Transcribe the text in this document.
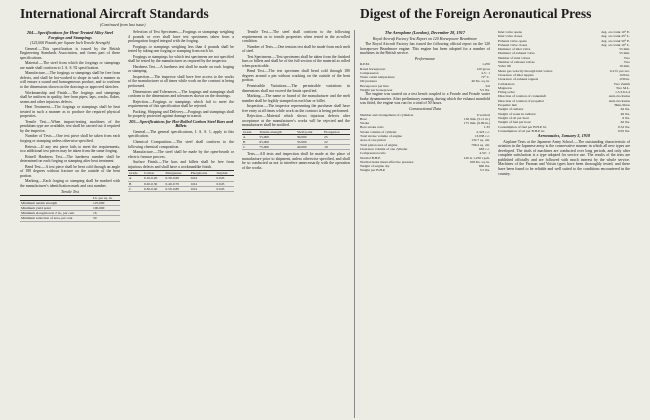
International Aircraft Standards	Digest of the Foreign Aeronautical Press
(Continued from last issue)
204—Specifications for Heat-Treated Alloy Steel Forgings and Stampings

(125,000 Pounds per Square Inch Tensile Strength)

General.—This specification is issued by the British Engineering Standards Association, and forms part of these specifications.

Material.—The steel from which the forgings or stampings are made shall conform to I. A. S. 92 specification.

Manufacture.—The forgings or stampings shall be free from defects, and shall be hot-worked to shape in such a manner as will ensure a sound and homogeneous product, and to conform to the dimensions shown on the drawings or approved sketches.

Workmanship and Finish.—The forgings and stampings shall be uniform in quality, free from pipes, laps, cracks, flakes, seams and other injurious defects.

Heat Treatment.—The forgings or stampings shall be heat treated in such a manner as to produce the required physical properties.

Tensile Test.—When impact-testing machines of the pendulum type are available, test shall be carried out if required by the inspector.

Number of Tests.—One test piece shall be taken from each forging or stamping unless otherwise specified.

Retests.—If any test piece fails to meet the requirements, two additional test pieces may be taken from the same forging.

Brinell Hardness Test.—The hardness number shall be determined on each forging or stamping after heat treatment.

Bend Test.—A test piece shall be bent cold through an angle of 180 degrees without fracture on the outside of the bent portion.

Marking.—Each forging or stamping shall be marked with the manufacturer's identification mark and cast number.

Tensile Test

	Lb. per sq. in.
Minimum tensile strength	125,000
Minimum yield point	100,000
Minimum elongation in 2 in., per cent	18
Minimum reduction of area, per cent	50

Selection of Test Specimens.—Forgings or stampings weighing 4 pounds or over shall have test specimens taken from a prolongation forged integral with the forging.

Forgings or stampings weighing less than 4 pounds shall be tested by taking one forging or stamping from each lot.

Forgings or stampings for which test specimens are not specified shall be tested by the manufacturer as required by the inspector.

Hardness Test.—A hardness test shall be made on each forging or stamping.

Inspection.—The inspector shall have free access to the works of the manufacturer at all times while work on the contract is being performed.

Dimensions and Tolerances.—The forgings and stampings shall conform to the dimensions and tolerances shown on the drawings.

Rejection.—Forgings or stampings which fail to meet the requirements of this specification shall be rejected.

Packing, Shipping and Delivery.—Forgings and stampings shall be properly protected against damage in transit.

205—Specifications for Hot-Rolled Carbon Steel Bars and Billets

General.—The general specifications, I. A. S. 1, apply to this specification.

Chemical Composition.—The steel shall conform to the following chemical composition.

Manufacture.—The steel shall be made by the open-hearth or electric furnace process.

Surface Finish.—The bars and billets shall be free from injurious defects and shall have a workmanlike finish.

Grade	Carbon	Manganese	Phosphorus	Sulphur
A	0.10-0.20	0.30-0.60	0.04	0.045
B	0.20-0.30	0.40-0.70	0.04	0.045
C	0.30-0.40	0.50-0.80	0.04	0.045

Tensile Test.—The steel shall conform to the following requirements as to tensile properties when tested in the as-rolled condition.

Number of Tests.—One tension test shall be made from each melt of steel.

Test Specimens.—Test specimens shall be taken from the finished bars or billets and shall be of the full section of the material as rolled when practicable.

Bend Test.—The test specimen shall bend cold through 180 degrees around a pin without cracking on the outside of the bent portion.

Permissible Variations.—The permissible variations in dimensions shall not exceed the limits specified.

Marking.—The name or brand of the manufacturer and the melt number shall be legibly stamped on each bar or billet.

Inspection.—The inspector representing the purchaser shall have free entry at all times while work on the contract is being performed.

Rejection.—Material which shows injurious defects after acceptance at the manufacturer's works will be rejected and the manufacturer shall be notified.

Grade	Tensile strength	Yield point	Elongation
A	55,000	30,000	25
B	65,000	35,000	22
C	75,000	40,000	18

Tests.—All tests and inspection shall be made at the place of manufacture prior to shipment, unless otherwise specified, and shall be so conducted as not to interfere unnecessarily with the operation of the works.

The Aeroplane (London), December 28, 1917

Royal Aircraft Factory Test Report on 120 Horsepower Beardmore

The Royal Aircraft Factory has issued the following official report on the 120 horsepower Beardmore engine. This engine has been adopted for a number of machines in the British service.

Performance

R.P.M.	1,250
Rated horsepower	120 gross
Compression	4.5 : 1
Water outlet temperature	72° C.
Oil pressure	40 lbs. sq. in.
Horsepower per litre	9.6
Weight per horsepower	5.5 lbs.

The engine was started on a test bench coupled to a Froude and Froude water brake dynamometer. After preliminary running, during which the exhaust manifold was fitted, the engine was run for a total of 50 hours.

Constructional Data

Number and arrangement of cylinders	6 vertical
Bore	130 mm. (5.11 in.)
Stroke	175 mm. (6.89 in.)
Bore stroke ratio	1.35
Stroke volume of cylinder	2,323 c.c.
Total stroke volume of engine	13,938 c.c.
Area of one piston	132.7 sq. cm.
Total piston area of engine	796.2 sq. cm.
Clearance volume of one cylinder	663 c.c.
Compression ratio	4.50 : 1
Normal B.H.P.	120 at 1,250 r.p.m.
Normal brake mean effective pressure	108 lbs. sq. in.
Weight of engine dry	660 lbs.
Weight per B.H.P.	5.5 lbs.
Inlet valve opens	deg. on crank 10° E.
Inlet valve closes	deg. on crank 45° L.
Exhaust valve opens	deg. on crank 50° E.
Exhaust valve closes	deg. on crank 10° L.
Diameter of inlet valve	55 mm.
Diameter of exhaust valve	55 mm.
Number of inlet valves	Two
Number of exhaust valves	Two
Valve lift	10 mm.
Mean gas velocity through inlet valves	112 ft. per sec.
Clearance of inlet tappets	.020 in.
Clearance of exhaust tappets	.030 in.
Carburetors	Two Zenith
Magnetos	Two M.L.
Firing order	1.5.3.6.2.4
Direction of rotation of crankshaft	Anti-clockwise
Direction of rotation of propeller	Anti-clockwise
Propeller hub	Hele-Shaw
Weight of radiator	62 lbs.
Weight of water in radiator	46 lbs.
Weight of oil per hour	6 lbs.
Weight of fuel per hour	62 lbs.
Consumption of fuel per B.H.P. hr.	0.52 lbs.
Consumption of oil per B.H.P. hr.	0.05 lbs.
Aeronautics, January 3, 1918

Airplane Tests at the Japanese Army School.—The outstanding characteristic of aviation in the Japanese army is the conservative manner in which all new types are developed. The trials of machines are conducted over long periods, and only after complete satisfaction is a type adopted for service use. The results of the tests are published officially and are followed with much interest by the whole service. Machines of the Farman and Voisin types have been thoroughly tested, and these have been found to be reliable and well suited to the conditions encountered in the country.
